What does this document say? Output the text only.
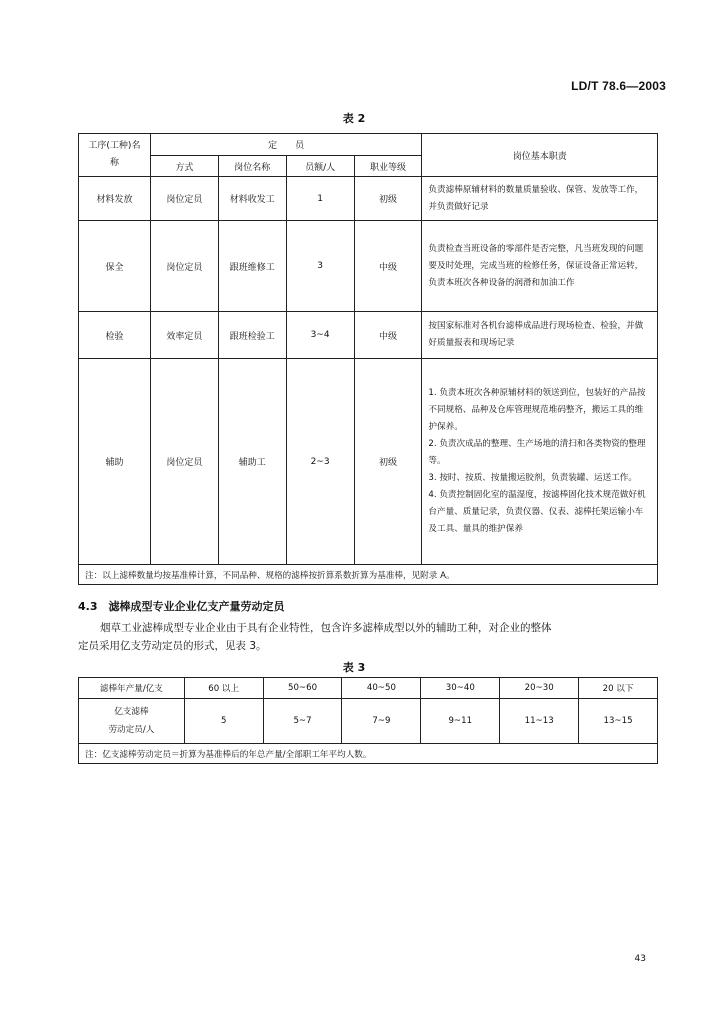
LD/T 78.6—2003
表 2
工序(工种)名称	定　　员				岗位基本职责
	方式	岗位名称	员额/人	职业等级	
材料发放	岗位定员	材料收发工	1	初级	负责滤棒原辅材料的数量质量验收、保管、发放等工作，并负责做好记录
保全	岗位定员	跟班维修工	3	中级	负责检查当班设备的零部件是否完整，凡当班发现的问题要及时处理，完成当班的检修任务，保证设备正常运转，负责本班次各种设备的润滑和加油工作
检验	效率定员	跟班检验工	3~4	中级	按国家标准对各机台滤棒成品进行现场检查、检验，并做好质量报表和现场记录
辅助	岗位定员	辅助工	2~3	初级	1. 负责本班次各种原辅材料的领送到位，包装好的产品按不同规格、品种及仓库管理规范堆码整齐，搬运工具的维护保养。
2. 负责次成品的整理、生产场地的清扫和各类物资的整理等。
3. 按时、按质、按量搬运胶剂，负责装罐、运送工作。
4. 负责控制固化室的温湿度，按滤棒固化技术规范做好机台产量、质量记录，负责仪器、仪表、滤棒托架运输小车及工具、量具的维护保养

注：以上滤棒数量均按基准棒计算，不同品种、规格的滤棒按折算系数折算为基准棒，见附录 A。					
4.3　滤棒成型专业企业亿支产量劳动定员
烟草工业滤棒成型专业企业由于具有企业特性，包含许多滤棒成型以外的辅助工种，对企业的整体
定员采用亿支劳动定员的形式，见表 3。
表 3
滤棒年产量/亿支	60 以上	50~60	40~50	30~40	20~30	20 以下

亿支滤棒
劳动定员/人	5	5~7	7~9	9~11	11~13	13~15
注：亿支滤棒劳动定员＝折算为基准棒后的年总产量/全部职工年平均人数。						
43
